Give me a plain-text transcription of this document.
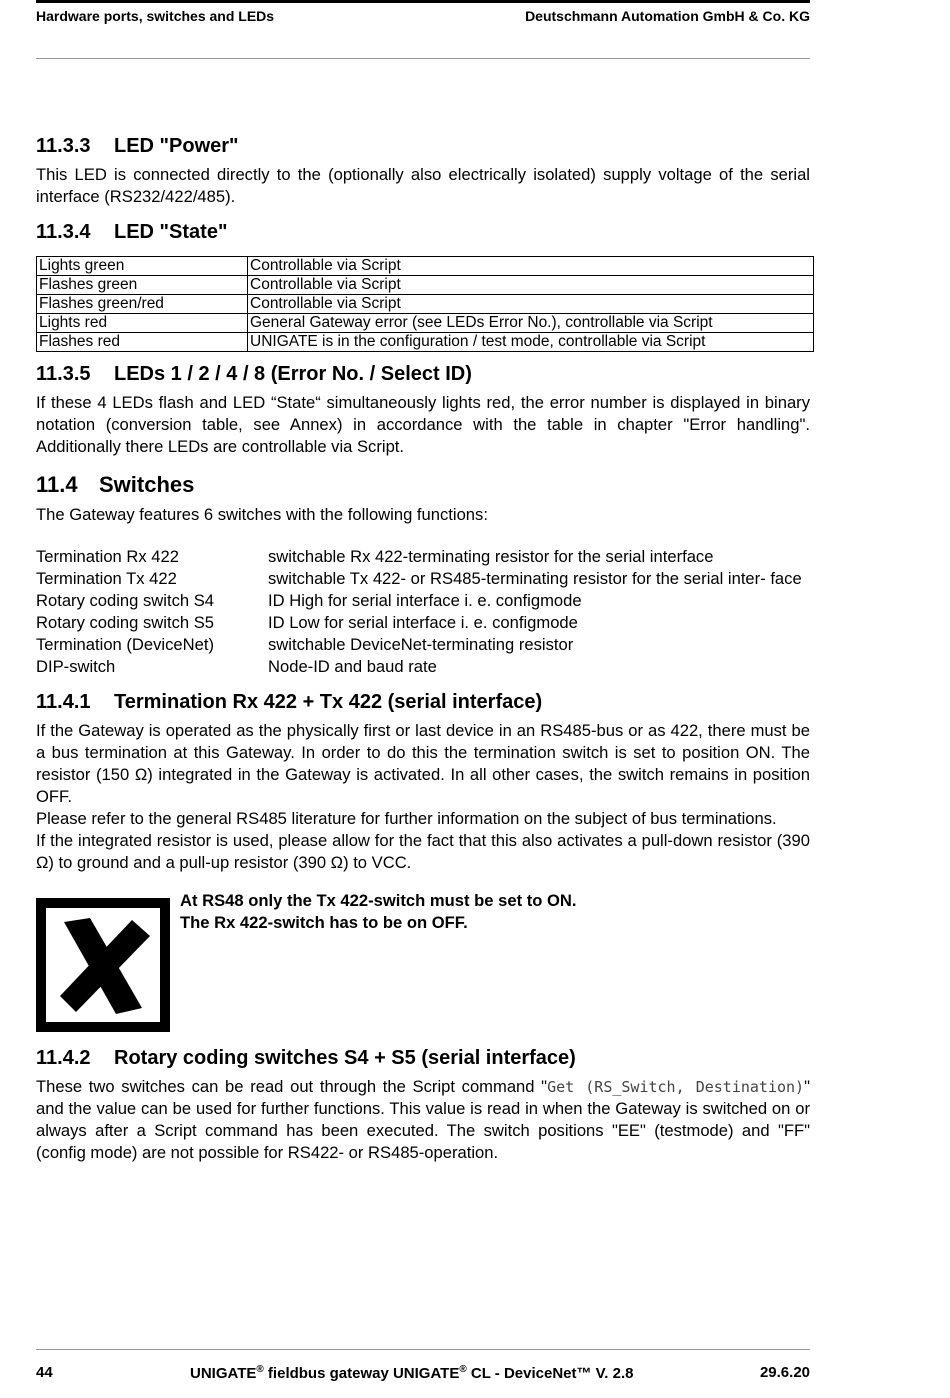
Hardware ports, switches and LEDs	Deutschmann Automation GmbH & Co. KG
11.3.3 LED "Power"

This LED is connected directly to the (optionally also electrically isolated) supply voltage of the serial interface (RS232/422/485).

11.3.4 LED "State"
Lights green	Controllable via Script
Flashes green	Controllable via Script
Flashes green/red	Controllable via Script
Lights red	General Gateway error (see LEDs Error No.), controllable via Script
Flashes red	UNIGATE is in the configuration / test mode, controllable via Script
11.3.5 LEDs 1 / 2 / 4 / 8 (Error No. / Select ID)

If these 4 LEDs flash and LED “State“ simultaneously lights red, the error number is displayed in binary notation (conversion table, see Annex) in accordance with the table in chapter "Error handling". Additionally there LEDs are controllable via Script.

11.4 Switches

The Gateway features 6 switches with the following functions:

Termination Rx 422	switchable Rx 422-terminating resistor for the serial interface
Termination Tx 422	switchable Tx 422- or RS485-terminating resistor for the serial inter- face
Rotary coding switch S4	ID High for serial interface i. e. configmode
Rotary coding switch S5	ID Low for serial interface i. e. configmode
Termination (DeviceNet)	switchable DeviceNet-terminating resistor
DIP-switch	Node-ID and baud rate
11.4.1 Termination Rx 422 + Tx 422 (serial interface)

If the Gateway is operated as the physically first or last device in an RS485-bus or as 422, there must be a bus termination at this Gateway. In order to do this the termination switch is set to position ON. The resistor (150 Ω) integrated in the Gateway is activated. In all other cases, the switch remains in position OFF.

Please refer to the general RS485 literature for further information on the subject of bus terminations.

If the integrated resistor is used, please allow for the fact that this also activates a pull-down resistor (390 Ω) to ground and a pull-up resistor (390 Ω) to VCC.

At RS48 only the Tx 422-switch must be set to ON.
The Rx 422-switch has to be on OFF.
11.4.2 Rotary coding switches S4 + S5 (serial interface)

These two switches can be read out through the Script command "Get (RS_Switch, Destination)" and the value can be used for further functions. This value is read in when the Gateway is switched on or always after a Script command has been executed. The switch positions "EE" (testmode) and "FF" (config mode) are not possible for RS422- or RS485-operation.

44	UNIGATE® fieldbus gateway UNIGATE® CL - DeviceNet™ V. 2.8	29.6.20
